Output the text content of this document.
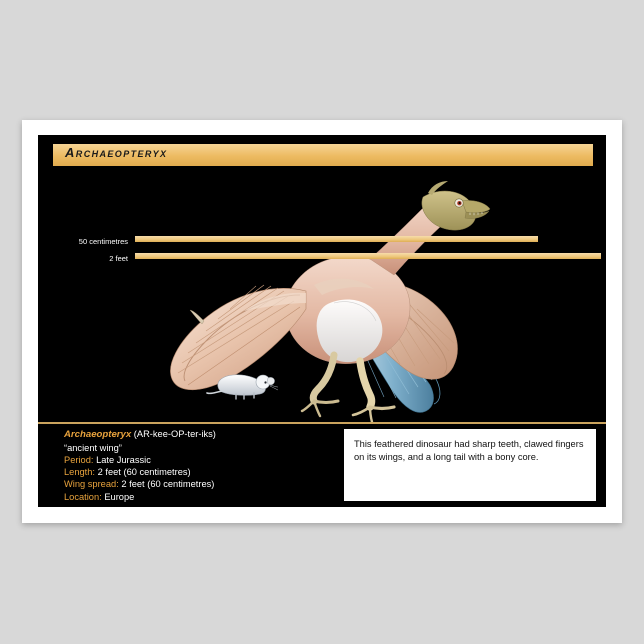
Archaeopteryx
50 centimetres
2 feet
Archaeopteryx (AR-kee-OP-ter-iks)
“ancient wing”
Period: Late Jurassic
Length: 2 feet (60 centimetres)
Wing spread: 2 feet (60 centimetres)
Location: Europe
This feathered dinosaur had sharp teeth, clawed fingers on its wings, and a long tail with a bony core.
